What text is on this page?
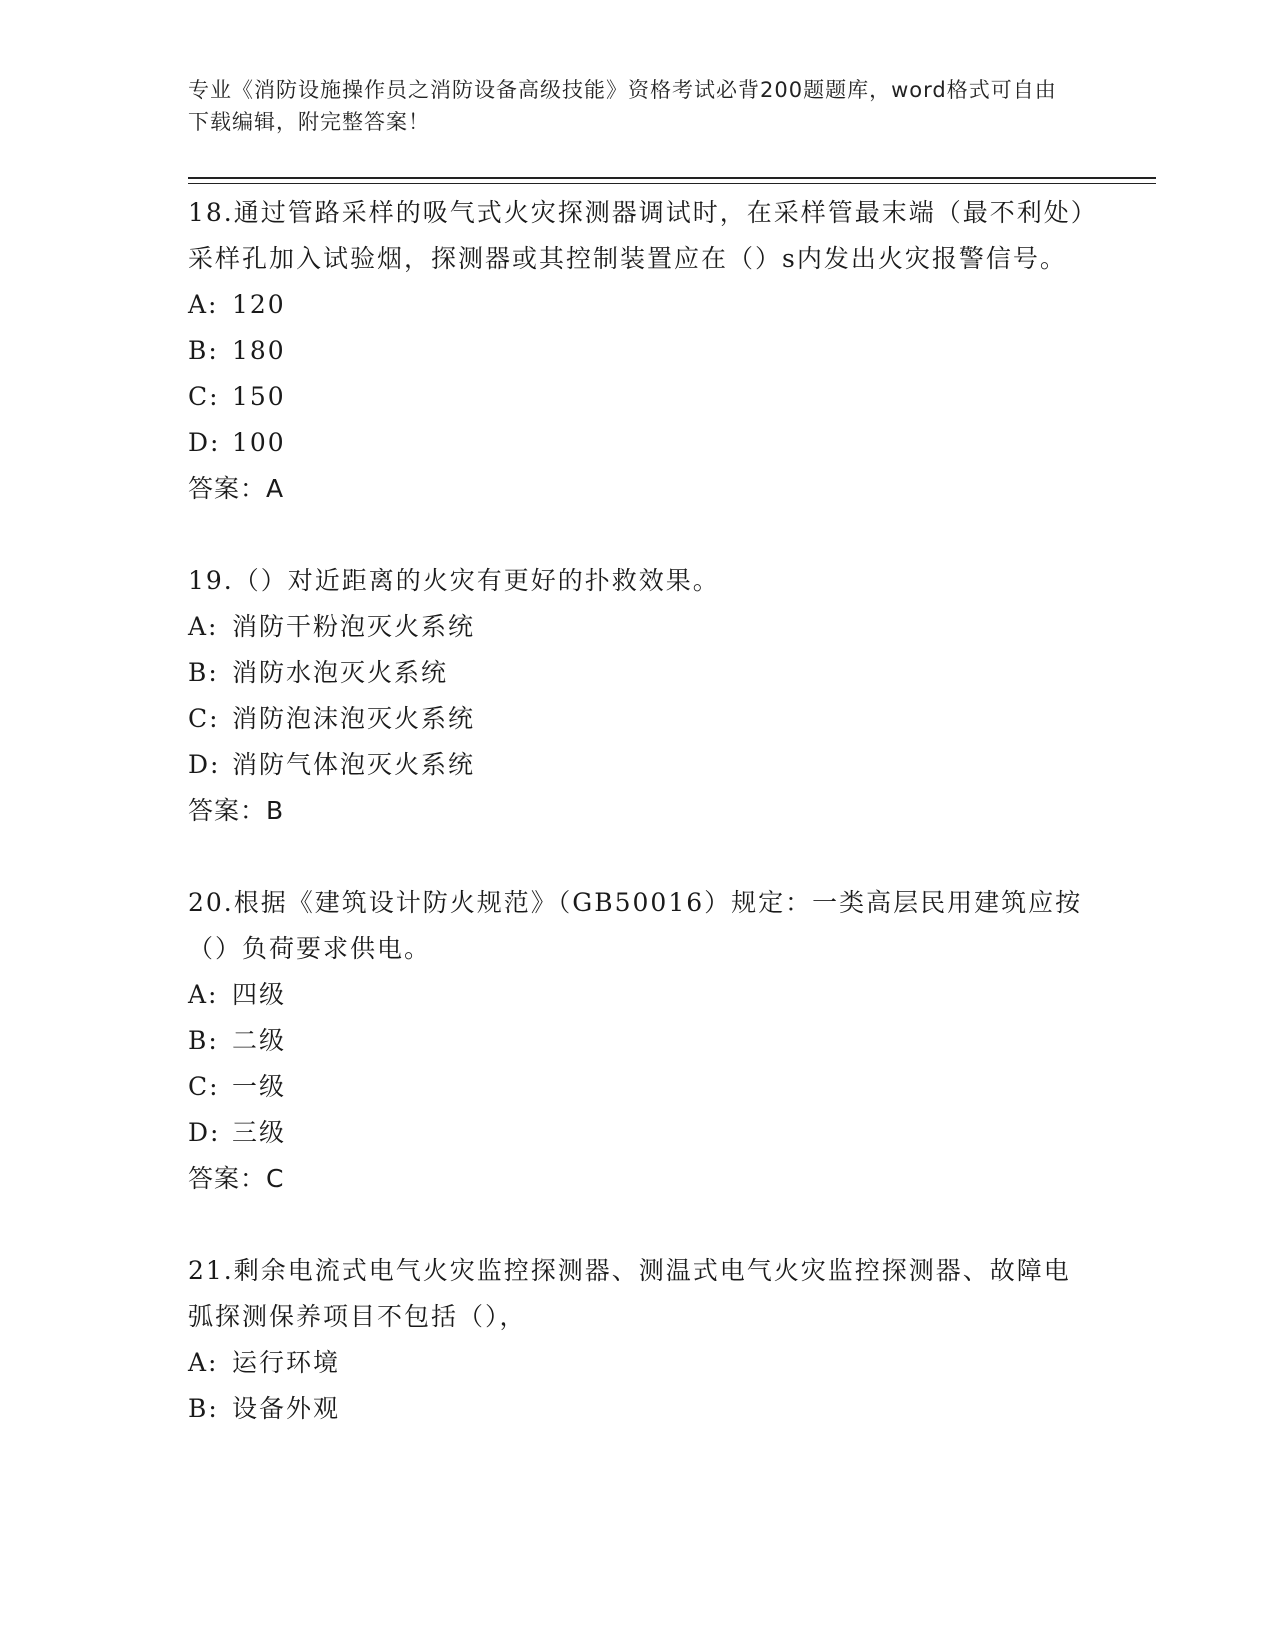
专业《消防设施操作员之消防设备高级技能》资格考试必背200题题库，word格式可自由下载编辑，附完整答案！
18.通过管路采样的吸气式火灾探测器调试时，在采样管最末端（最不利处）采样孔加入试验烟，探测器或其控制装置应在（）s内发出火灾报警信号。
A: 120
B: 180
C: 150
D: 100
答案：A
19.（）对近距离的火灾有更好的扑救效果。
A: 消防干粉泡灭火系统
B: 消防水泡灭火系统
C: 消防泡沫泡灭火系统
D: 消防气体泡灭火系统
答案：B
20.根据《建筑设计防火规范》（GB50016）规定：一类高层民用建筑应按（）负荷要求供电。
A: 四级
B: 二级
C: 一级
D: 三级
答案：C
21.剩余电流式电气火灾监控探测器、测温式电气火灾监控探测器、故障电弧探测保养项目不包括（），
A: 运行环境
B: 设备外观
